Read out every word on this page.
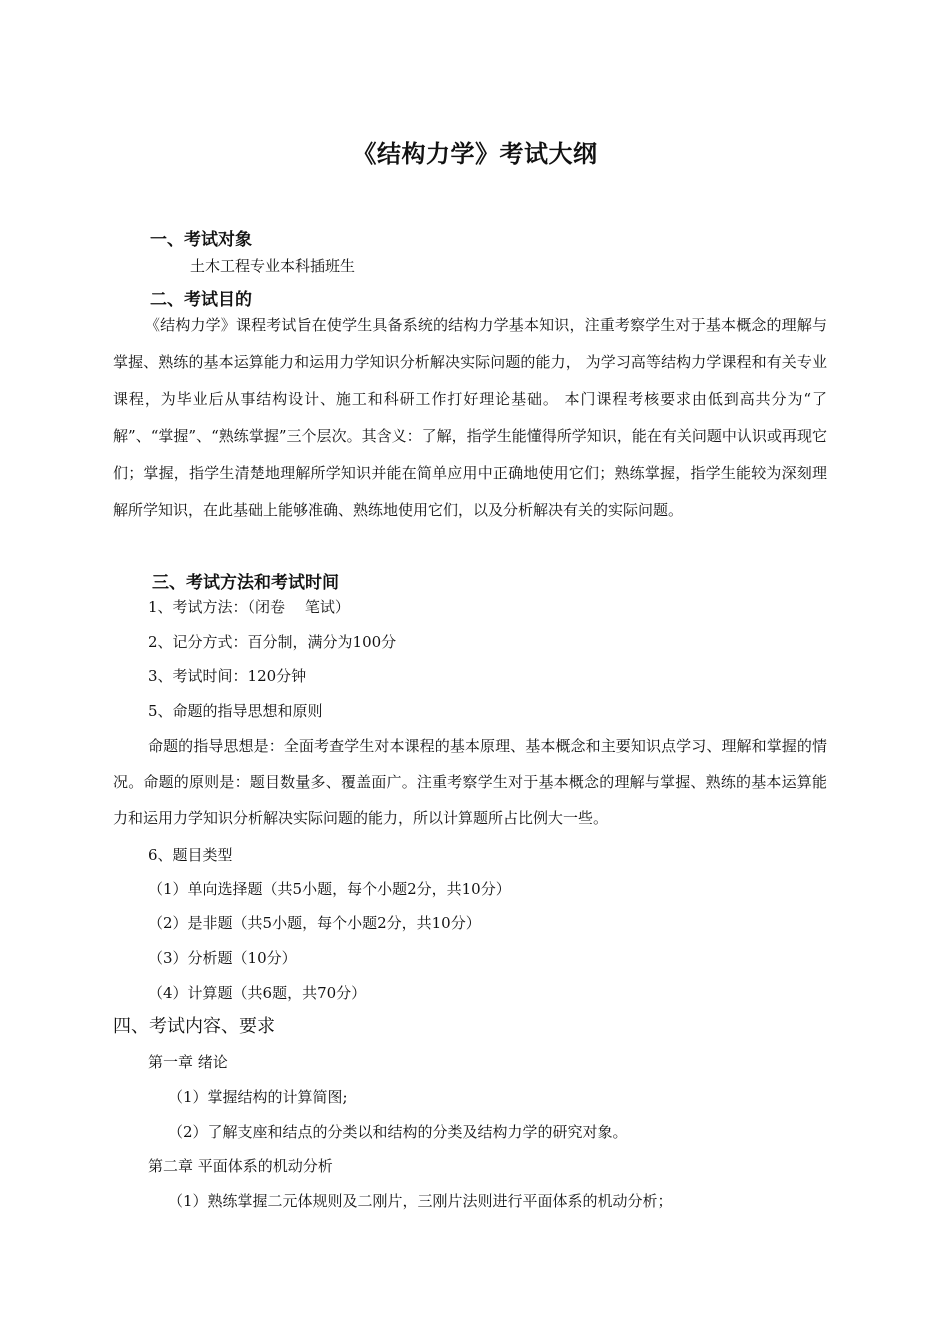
《结构力学》考试大纲
一、考试对象
土木工程专业本科插班生
二、考试目的
《结构力学》课程考试旨在使学生具备系统的结构力学基本知识，注重考察学生对于基本概念的理解与掌握、熟练的基本运算能力和运用力学知识分析解决实际问题的能力， 为学习高等结构力学课程和有关专业课程，为毕业后从事结构设计、施工和科研工作打好理论基础。 本门课程考核要求由低到高共分为“了解”、“掌握”、“熟练掌握”三个层次。其含义：了解，指学生能懂得所学知识，能在有关问题中认识或再现它们；掌握，指学生清楚地理解所学知识并能在简单应用中正确地使用它们；熟练掌握，指学生能较为深刻理解所学知识，在此基础上能够准确、熟练地使用它们，以及分析解决有关的实际问题。
三、考试方法和考试时间
1、考试方法：（闭卷　 笔试）
2、记分方式：百分制，满分为100分
3、考试时间：120分钟
5、命题的指导思想和原则
命题的指导思想是：全面考查学生对本课程的基本原理、基本概念和主要知识点学习、理解和掌握的情况。命题的原则是：题目数量多、覆盖面广。注重考察学生对于基本概念的理解与掌握、熟练的基本运算能力和运用力学知识分析解决实际问题的能力，所以计算题所占比例大一些。
6、题目类型
（1）单向选择题（共5小题，每个小题2分，共10分）
（2）是非题（共5小题，每个小题2分，共10分）
（3）分析题（10分）
（4）计算题（共6题，共70分）
四、考试内容、要求
第一章 绪论
（1）掌握结构的计算简图;
（2）了解支座和结点的分类以和结构的分类及结构力学的研究对象。
第二章 平面体系的机动分析
（1）熟练掌握二元体规则及二刚片，三刚片法则进行平面体系的机动分析；
